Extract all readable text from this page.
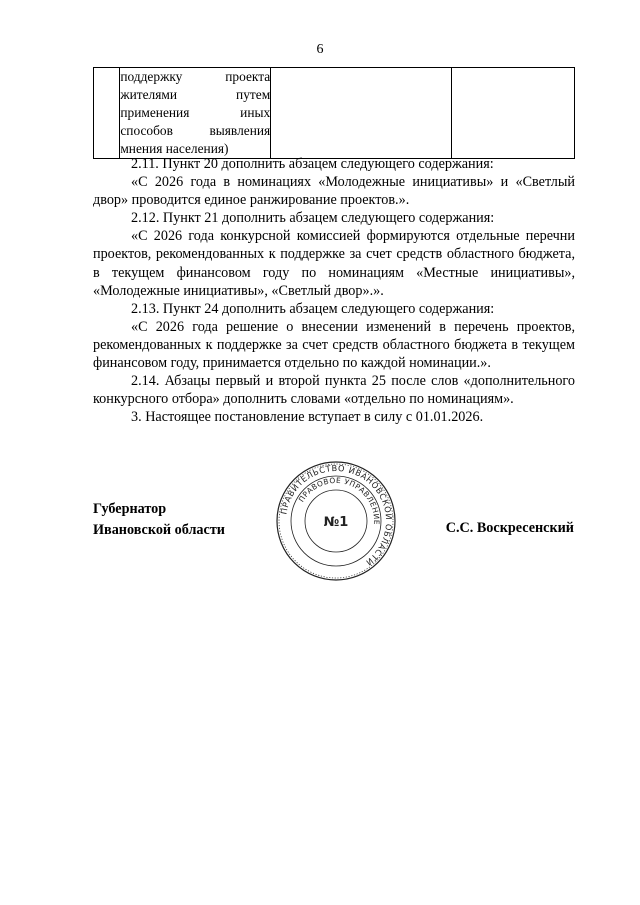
6

поддержку проекта
жителями путем
применения иных
способов выявления
мнения населения)

2.11. Пункт 20 дополнить абзацем следующего содержания:

«С 2026 года в номинациях «Молодежные инициативы» и «Светлый двор» проводится единое ранжирование проектов.».

2.12. Пункт 21 дополнить абзацем следующего содержания:

«С 2026 года конкурсной комиссией формируются отдельные перечни проектов, рекомендованных к поддержке за счет средств областного бюджета, в текущем финансовом году по номинациям «Местные инициативы», «Молодежные инициативы», «Светлый двор».».

2.13. Пункт 24 дополнить абзацем следующего содержания:

«С 2026 года решение о внесении изменений в перечень проектов, рекомендованных к поддержке за счет средств областного бюджета в текущем финансовом году, принимается отдельно по каждой номинации.».

2.14. Абзацы первый и второй пункта 25 после слов «дополнительного конкурсного отбора» дополнить словами «отдельно по номинациям».

3. Настоящее постановление вступает в силу с 01.01.2026.

Губернатор
Ивановской области	С.С. Воскресенский
ПРАВИТЕЛЬСТВО ИВАНОВСКОЙ ОБЛАСТИ
ПРАВОВОЕ УПРАВЛЕНИЕ
№1
